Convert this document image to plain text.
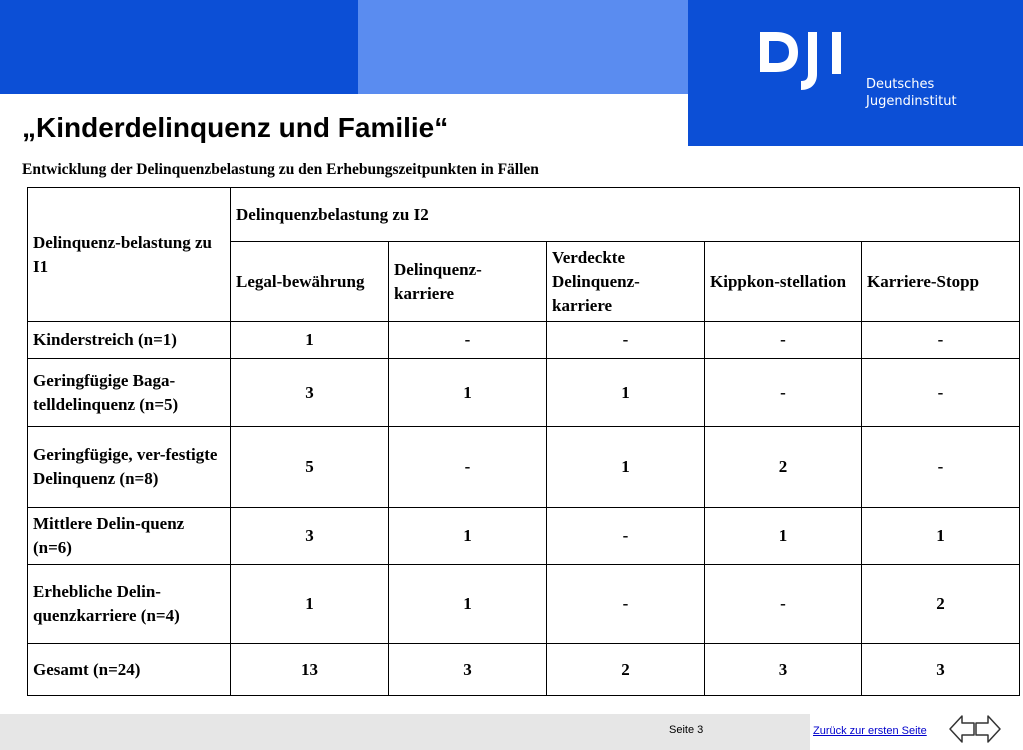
Deutsches
Jugendinstitut
„Kinderdelinquenz und Familie“
Entwicklung der Delinquenzbelastung zu den Erhebungszeitpunkten in Fällen
Delinquenz-belastung zu I1	Delinquenzbelastung zu I2				
	Legal-bewährung	Delinquenz-karriere	Verdeckte Delinquenz-karriere	Kippkon-stellation	Karriere-Stopp
Kinderstreich (n=1)	1	-	-	-	-
Geringfügige Baga-telldelinquenz (n=5)	3	1	1	-	-
Geringfügige, ver-festigte Delinquenz (n=8)	5	-	1	2	-
Mittlere Delin-quenz (n=6)	3	1	-	1	1
Erhebliche Delin-quenzkarriere (n=4)	1	1	-	-	2
Gesamt (n=24)	13	3	2	3	3
Seite 3	Zurück zur ersten Seite
